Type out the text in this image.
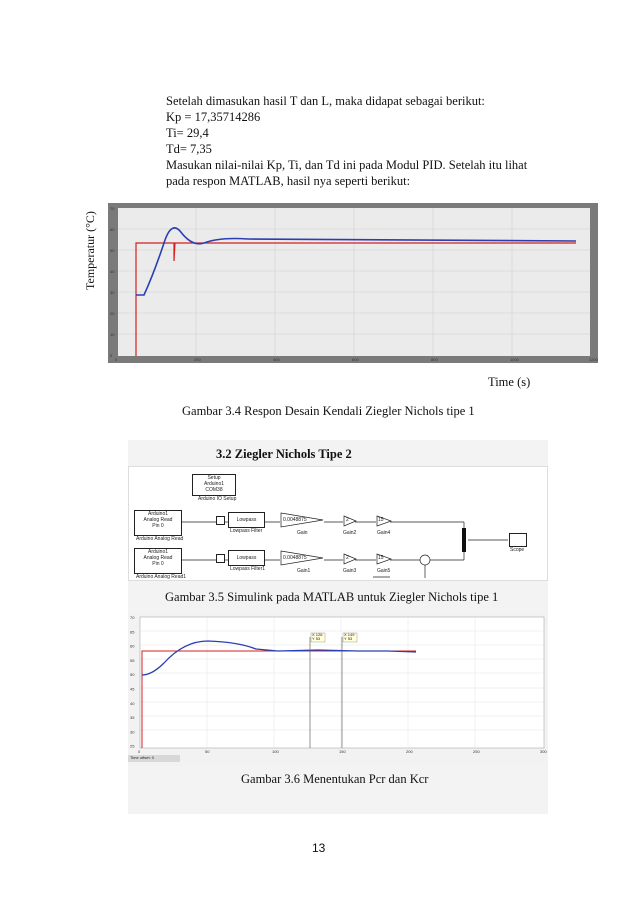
Setelah dimasukan hasil T dan L, maka didapat sebagai berikut:
Kp = 17,35714286
Ti= 29,4
Td= 7,35
Masukan nilai-nilai Kp, Ti, dan Td ini pada Modul PID. Setelah itu lihat
pada respon MATLAB, hasil nya seperti berikut:
Temperatur (°C)
70
60
50
40
30
20
10
0
0	200	400	600	800	1000	1200
Time (s)
Gambar 3.4 Respon Desain Kendali Ziegler Nichols tipe 1
3.2 Ziegler Nichols Tipe 2
Setup
Arduino1
COM38
Arduino IO Setup
Arduino1
Analog Read
Pin 0
Arduino Analog Read
Arduino1
Analog Read
Pin 0
Arduino Analog Read1
Lowpass
Lowpass Filter
Lowpass
Lowpass Filter1
0.0048875
Gain
0.0048875
Gain1
2
Gain2
2
Gain3
15
Gain4
15
Gain5
Scope
Gambar 3.5 Simulink pada MATLAB untuk Ziegler Nichols tipe 1
70
65
60
55
50
45
40
35
30
25
0	50	100	150	200	250	300
X 126
Y 53
X 149
Y 53
Time offset: 0
Gambar 3.6 Menentukan Pcr dan Kcr
13
